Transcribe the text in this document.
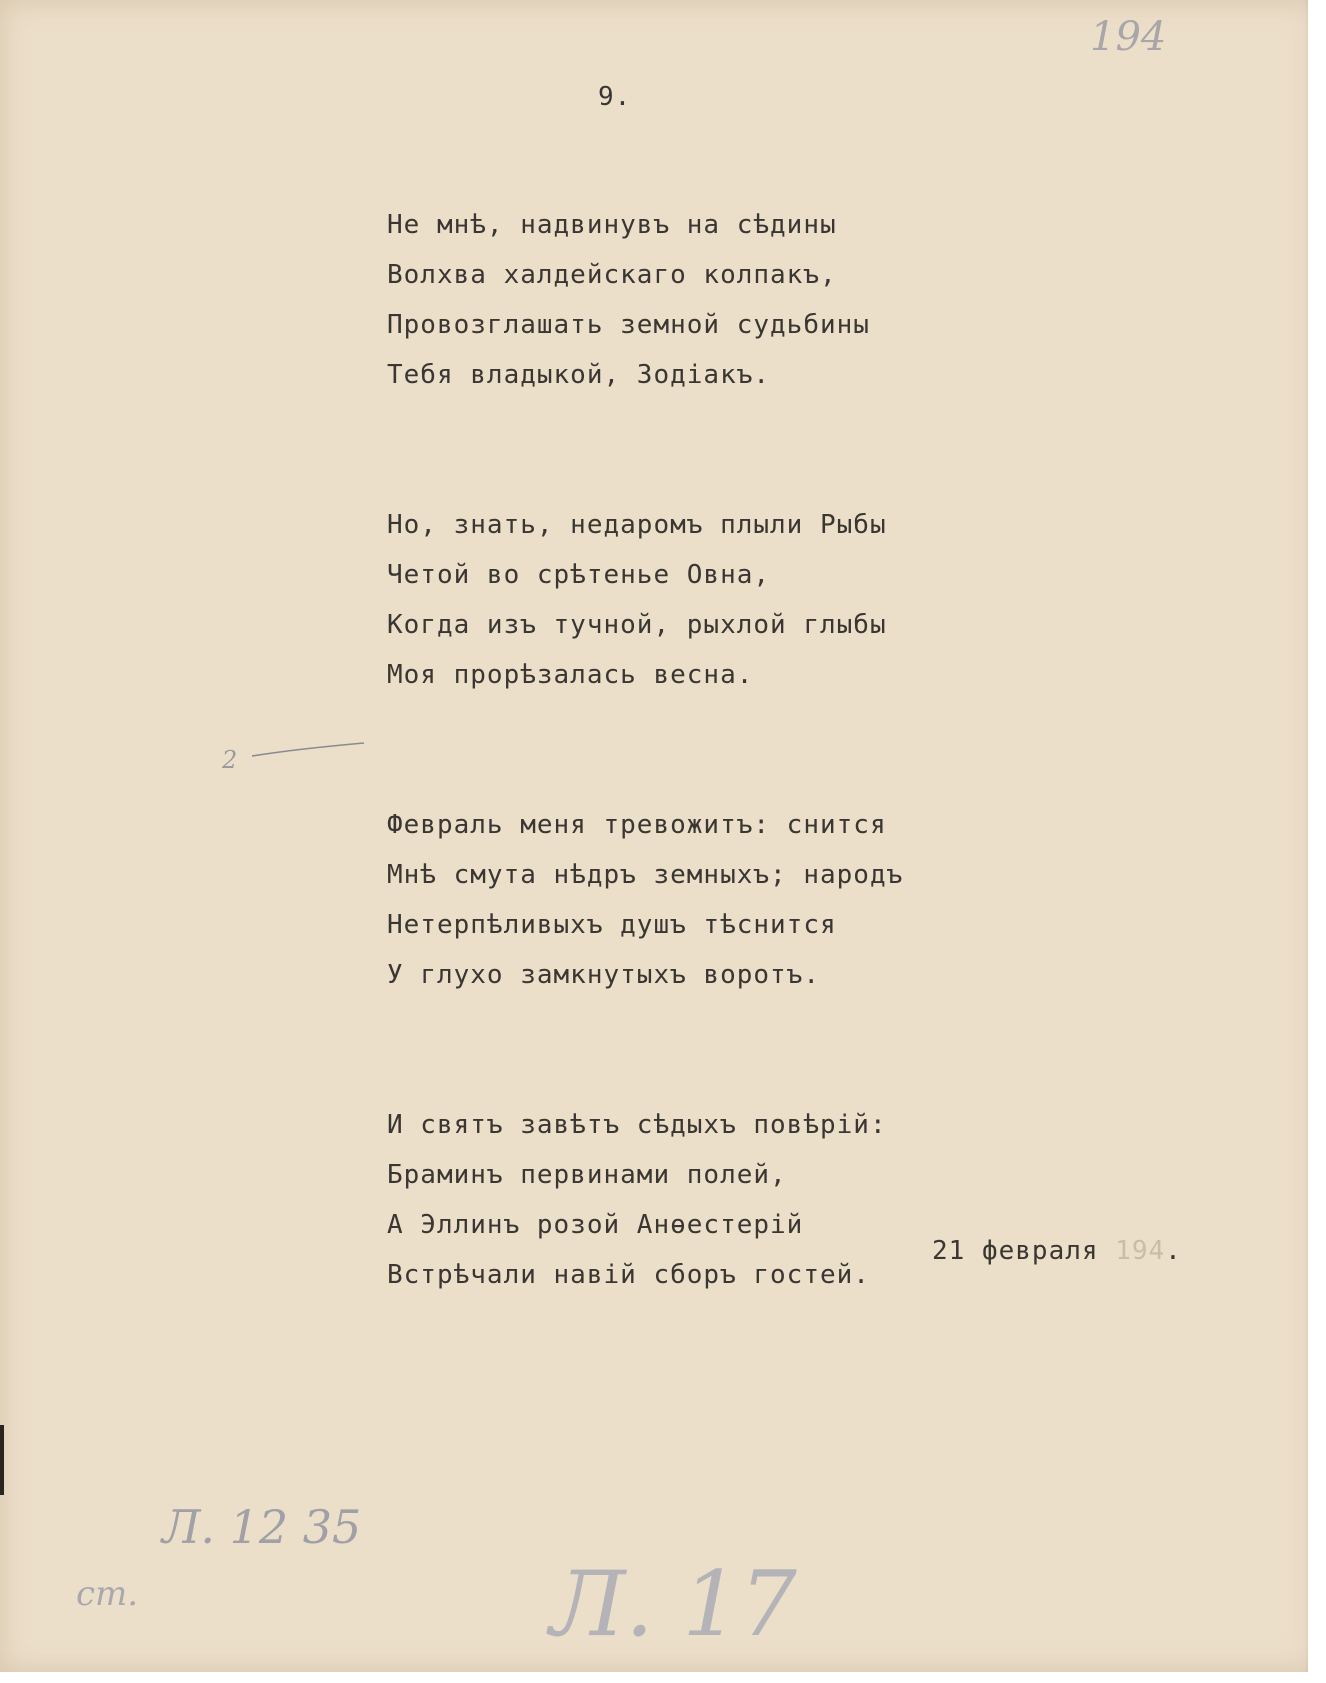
194
9.
Не мнѣ, надвинувъ на сѣдины
Волхва халдейскаго колпакъ,
Провозглашать земной судьбины
Тебя владыкой, Зодіакъ.
Но, знать, недаромъ плыли Рыбы
Четой во срѣтенье Овна,
Когда изъ тучной, рыхлой глыбы
Моя прорѣзалась весна.
Февраль меня тревожитъ: снится
Мнѣ смута нѣдръ земныхъ; народъ
Нетерпѣливыхъ душъ тѣснится
У глухо замкнутыхъ воротъ.
И святъ завѣтъ сѣдыхъ повѣрій:
Браминъ первинами полей,
А Эллинъ розой Анѳестерій
Встрѣчали навій сборъ гостей.
21 февраля 194.
2
Л. 12 35
ст.	Л. 17
